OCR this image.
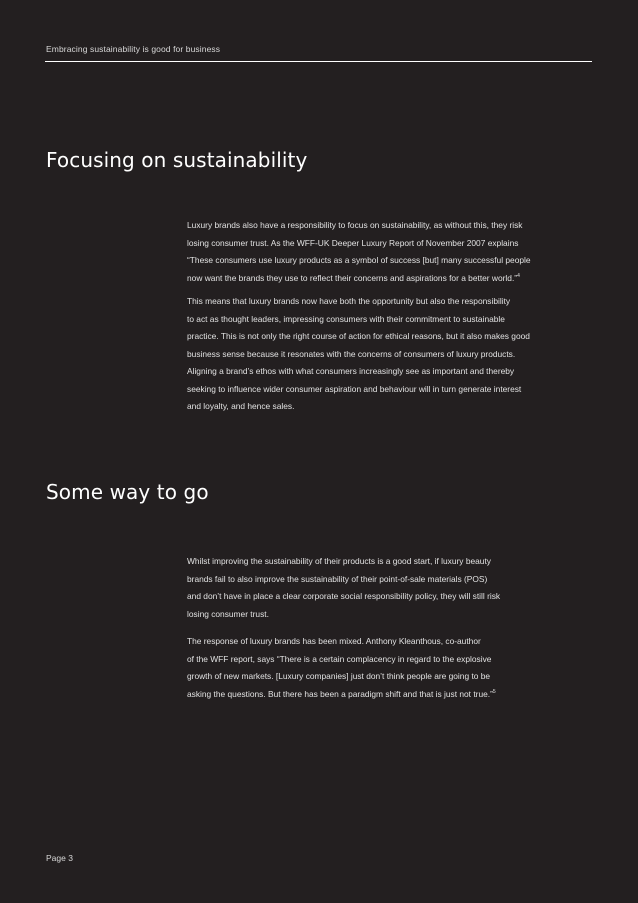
Embracing sustainability is good for business
Focusing on sustainability

Luxury brands also have a responsibility to focus on sustainability, as without this, they risk
losing consumer trust. As the WFF-UK Deeper Luxury Report of November 2007 explains
“These consumers use luxury products as a symbol of success [but] many successful people
now want the brands they use to reflect their concerns and aspirations for a better world.”$^4$

This means that luxury brands now have both the opportunity but also the responsibility
to act as thought leaders, impressing consumers with their commitment to sustainable
practice. This is not only the right course of action for ethical reasons, but it also makes good
business sense because it resonates with the concerns of consumers of luxury products.
Aligning a brand’s ethos with what consumers increasingly see as important and thereby
seeking to influence wider consumer aspiration and behaviour will in turn generate interest
and loyalty, and hence sales.

Some way to go

Whilst improving the sustainability of their products is a good start, if luxury beauty
brands fail to also improve the sustainability of their point-of-sale materials (POS)
and don’t have in place a clear corporate social responsibility policy, they will still risk
losing consumer trust.

The response of luxury brands has been mixed. Anthony Kleanthous, co-author
of the WFF report, says “There is a certain complacency in regard to the explosive
growth of new markets. [Luxury companies] just don’t think people are going to be
asking the questions. But there has been a paradigm shift and that is just not true.”$^5$

Page 3
